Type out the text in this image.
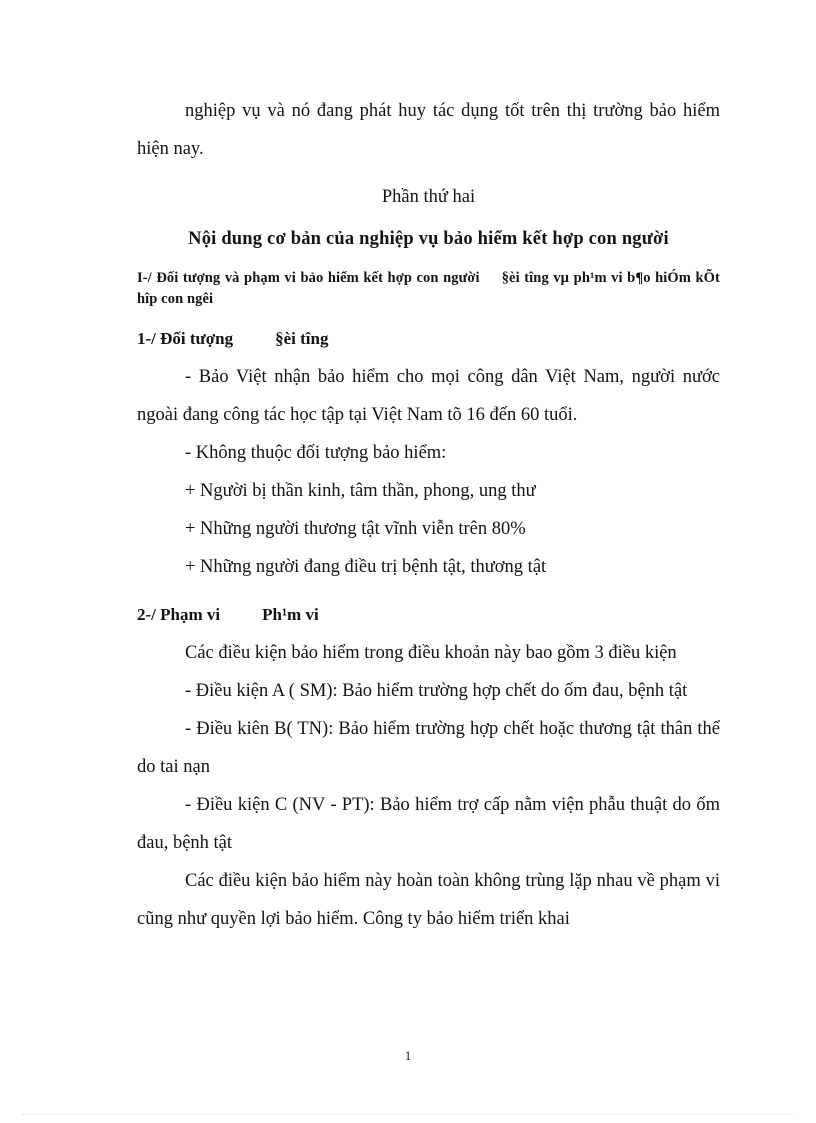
nghiệp vụ và nó đang phát huy tác dụng tốt trên thị trường bảo hiểm hiện nay.

Phần thứ hai

Nội dung cơ bản của nghiệp vụ bảo hiểm kết hợp con người

I-/ Đối tượng và phạm vi bảo hiểm kết hợp con người §èi tîng vµ ph¹m vi b¶o hiÓm kÕt hîp con ngêi

1-/ Đối tượng §èi tîng

- Bảo Việt nhận bảo hiểm cho mọi công dân Việt Nam, người nước ngoài đang công tác học tập tại Việt Nam tõ 16 đến 60 tuổi.

- Không thuộc đối tượng bảo hiểm:

+ Người bị thần kinh, tâm thần, phong, ung thư

+ Những người thương tật vĩnh viễn trên 80%

+ Những người đang điều trị bệnh tật, thương tật

2-/ Phạm vi Ph¹m vi

Các điều kiện bảo hiểm trong điều khoản này bao gồm 3 điều kiện

- Điều kiện A ( SM): Bảo hiểm trường hợp chết do ốm đau, bệnh tật

- Điều kiên B( TN): Bảo hiểm trường hợp chết hoặc thương tật thân thể do tai nạn

- Điều kiện C (NV - PT): Bảo hiểm trợ cấp nằm viện phẫu thuật do ốm đau, bệnh tật

Các điều kiện bảo hiểm này hoàn toàn không trùng lặp nhau về phạm vi cũng như quyền lợi bảo hiểm. Công ty bảo hiểm triển khai

1
